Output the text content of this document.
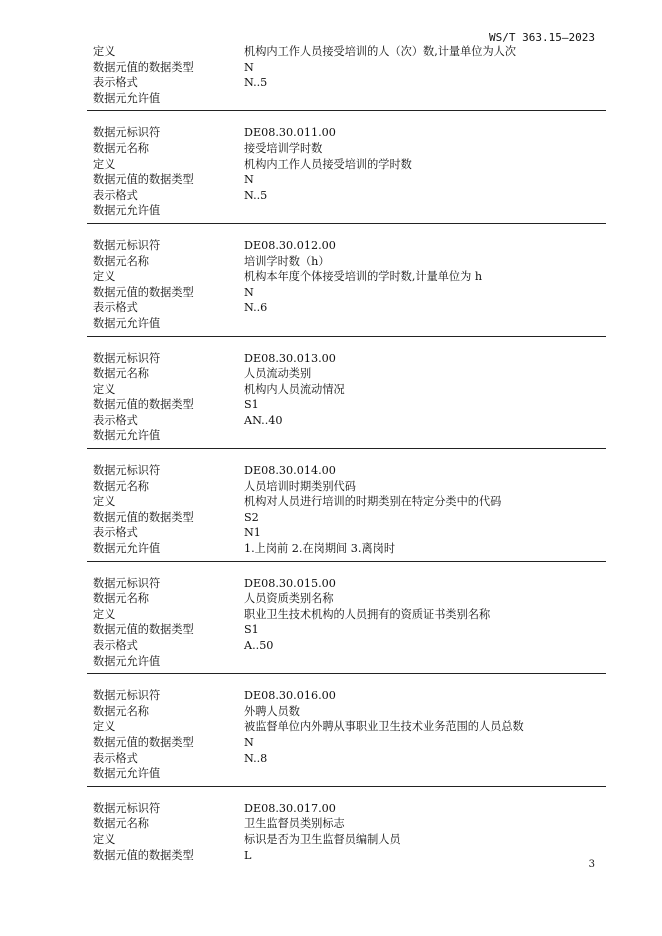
WS/T 363.15—2023
定义	机构内工作人员接受培训的人（次）数,计量单位为人次
数据元值的数据类型	N
表示格式	N..5
数据元允许值
数据元标识符	DE08.30.011.00
数据元名称	接受培训学时数
定义	机构内工作人员接受培训的学时数
数据元值的数据类型	N
表示格式	N..5
数据元允许值
数据元标识符	DE08.30.012.00
数据元名称	培训学时数（h）
定义	机构本年度个体接受培训的学时数,计量单位为 h
数据元值的数据类型	N
表示格式	N..6
数据元允许值
数据元标识符	DE08.30.013.00
数据元名称	人员流动类别
定义	机构内人员流动情况
数据元值的数据类型	S1
表示格式	AN..40
数据元允许值
数据元标识符	DE08.30.014.00
数据元名称	人员培训时期类别代码
定义	机构对人员进行培训的时期类别在特定分类中的代码
数据元值的数据类型	S2
表示格式	N1
数据元允许值	1.上岗前 2.在岗期间 3.离岗时
数据元标识符	DE08.30.015.00
数据元名称	人员资质类别名称
定义	职业卫生技术机构的人员拥有的资质证书类别名称
数据元值的数据类型	S1
表示格式	A..50
数据元允许值
数据元标识符	DE08.30.016.00
数据元名称	外聘人员数
定义	被监督单位内外聘从事职业卫生技术业务范围的人员总数
数据元值的数据类型	N
表示格式	N..8
数据元允许值
数据元标识符	DE08.30.017.00
数据元名称	卫生监督员类别标志
定义	标识是否为卫生监督员编制人员
数据元值的数据类型	L
3
